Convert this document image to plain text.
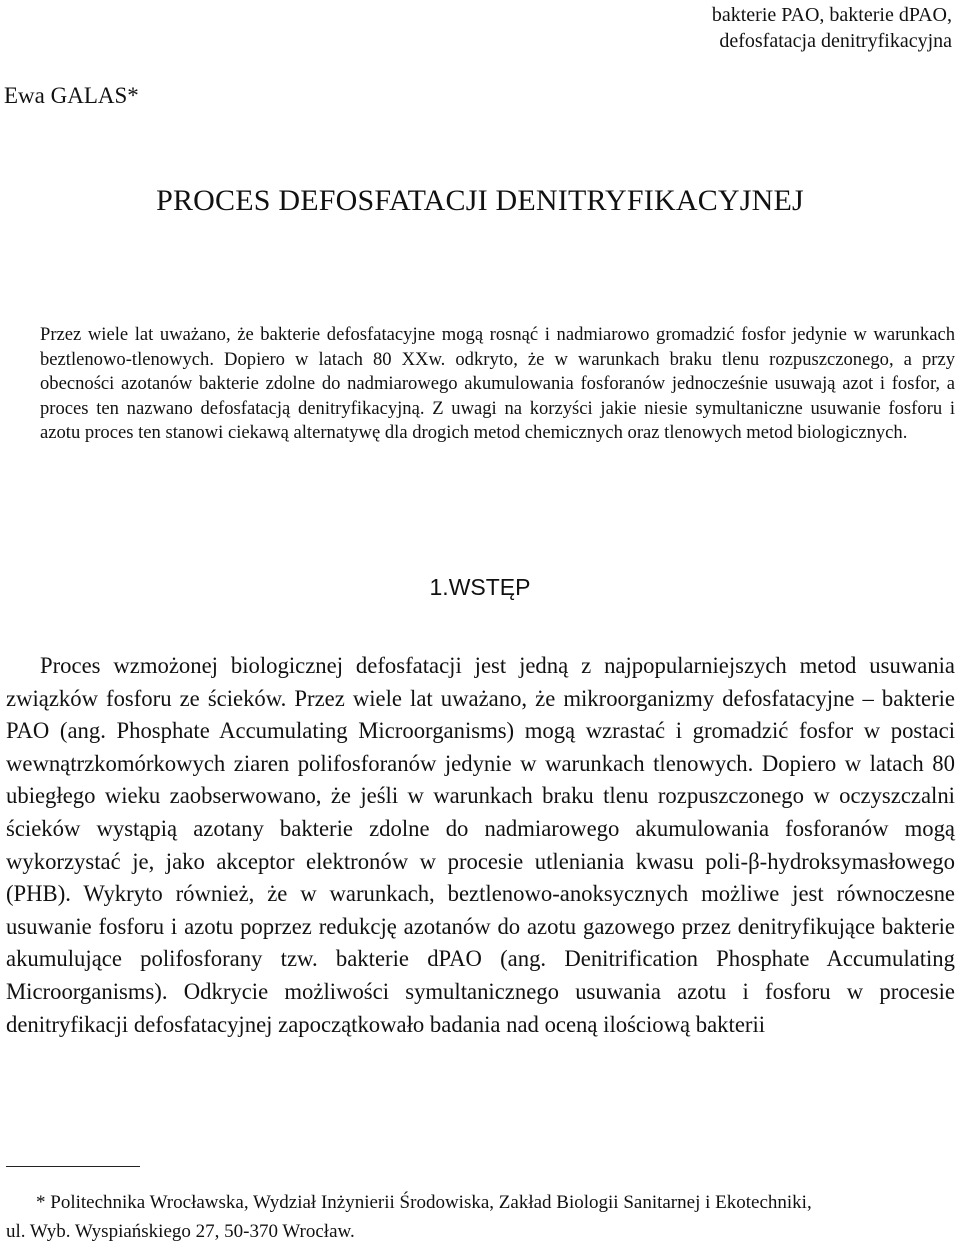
bakterie PAO, bakterie dPAO,
defosfatacja denitryfikacyjna
Ewa GALAS*
PROCES DEFOSFATACJI DENITRYFIKACYJNEJ
Przez wiele lat uważano, że bakterie defosfatacyjne mogą rosnąć i nadmiarowo gromadzić fosfor jedynie w warunkach beztlenowo-tlenowych. Dopiero w latach 80 XXw. odkryto, że w warunkach braku tlenu rozpuszczonego, a przy obecności azotanów bakterie zdolne do nadmiarowego akumulowania fosforanów jednocześnie usuwają azot i fosfor, a proces ten nazwano defosfatacją denitryfikacyjną. Z uwagi na korzyści jakie niesie symultaniczne usuwanie fosforu i azotu proces ten stanowi ciekawą alternatywę dla drogich metod chemicznych oraz tlenowych metod biologicznych.
1.WSTĘP

Proces wzmożonej biologicznej defosfatacji jest jedną z najpopularniejszych metod usuwania związków fosforu ze ścieków. Przez wiele lat uważano, że mikroorganizmy defosfatacyjne – bakterie PAO (ang. Phosphate Accumulating Microorganisms) mogą wzrastać i gromadzić fosfor w postaci wewnątrzkomórkowych ziaren polifosforanów jedynie w warunkach tlenowych. Dopiero w latach 80 ubiegłego wieku zaobserwowano, że jeśli w warunkach braku tlenu rozpuszczonego w oczyszczalni ścieków wystąpią azotany bakterie zdolne do nadmiarowego akumulowania fosforanów mogą wykorzystać je, jako akceptor elektronów w procesie utleniania kwasu poli-β-hydroksymasłowego (PHB). Wykryto również, że w warunkach, beztlenowo-anoksycznych możliwe jest równoczesne usuwanie fosforu i azotu poprzez redukcję azotanów do azotu gazowego przez denitryfikujące bakterie akumulujące polifosforany tzw. bakterie dPAO (ang. Denitrification Phosphate Accumulating Microorganisms). Odkrycie możliwości symultanicznego usuwania azotu i fosforu w procesie denitryfikacji defosfatacyjnej zapoczątkowało badania nad oceną ilościową bakterii

* Politechnika Wrocławska, Wydział Inżynierii Środowiska, Zakład Biologii Sanitarnej i Ekotechniki,
ul. Wyb. Wyspiańskiego 27, 50-370 Wrocław.
